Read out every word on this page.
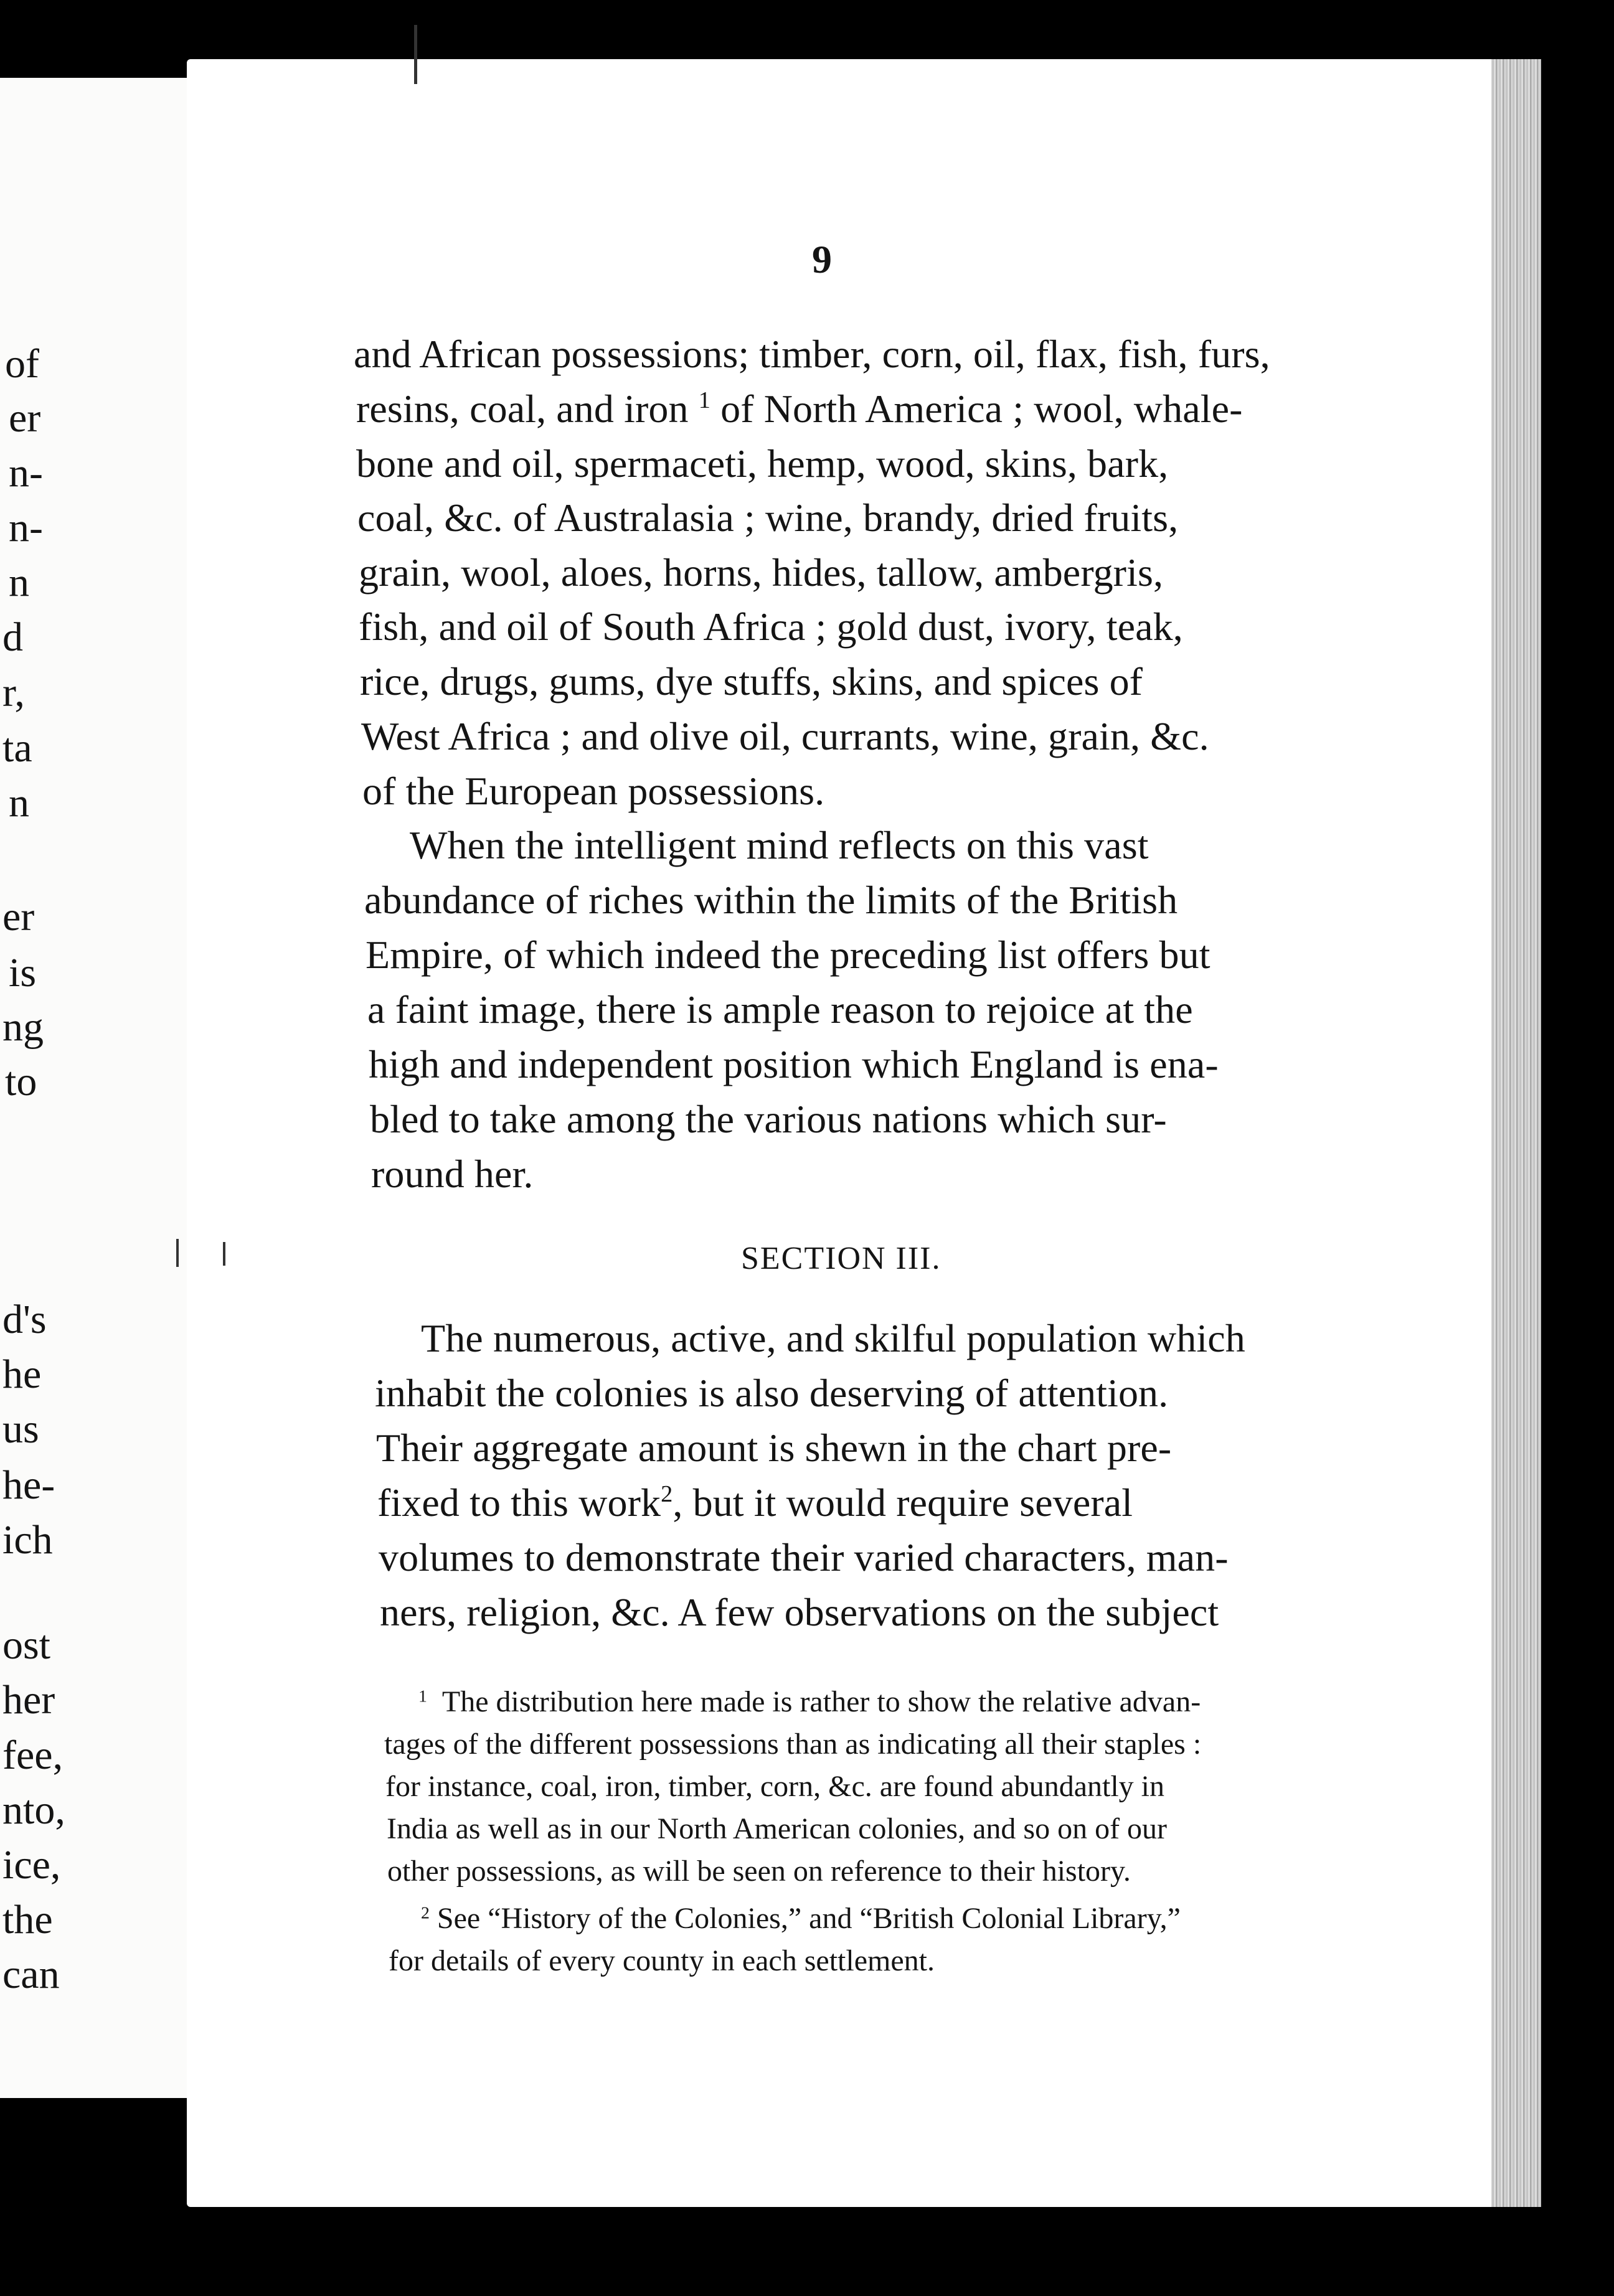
of
er
n-
n-
n
d
r,
ta
n
er
is
ng
to
d's
he
us
he-
ich
ost
her
fee,
nto,
ice,
the
can
9
and African possessions; timber, corn, oil, flax, fish, furs,
resins, coal, and iron $^1$ of North America ; wool, whale-
bone and oil, spermaceti, hemp, wood, skins, bark,
coal, &c. of Australasia ; wine, brandy, dried fruits,
grain, wool, aloes, horns, hides, tallow, ambergris,
fish, and oil of South Africa ; gold dust, ivory, teak,
rice, drugs, gums, dye stuffs, skins, and spices of
West Africa ; and olive oil, currants, wine, grain, &c.
of the European possessions.
When the intelligent mind reflects on this vast
abundance of riches within the limits of the British
Empire, of which indeed the preceding list offers but
a faint image, there is ample reason to rejoice at the
high and independent position which England is ena-
bled to take among the various nations which sur-
round her.
SECTION III.
The numerous, active, and skilful population which
inhabit the colonies is also deserving of attention.
Their aggregate amount is shewn in the chart pre-
fixed to this work$^2$, but it would require several
volumes to demonstrate their varied characters, man-
ners, religion, &c. A few observations on the subject
$^1$ The distribution here made is rather to show the relative advan-
tages of the different possessions than as indicating all their staples :
for instance, coal, iron, timber, corn, &c. are found abundantly in
India as well as in our North American colonies, and so on of our
other possessions, as will be seen on reference to their history.
$^2$ See “History of the Colonies,” and “British Colonial Library,”
for details of every county in each settlement.
